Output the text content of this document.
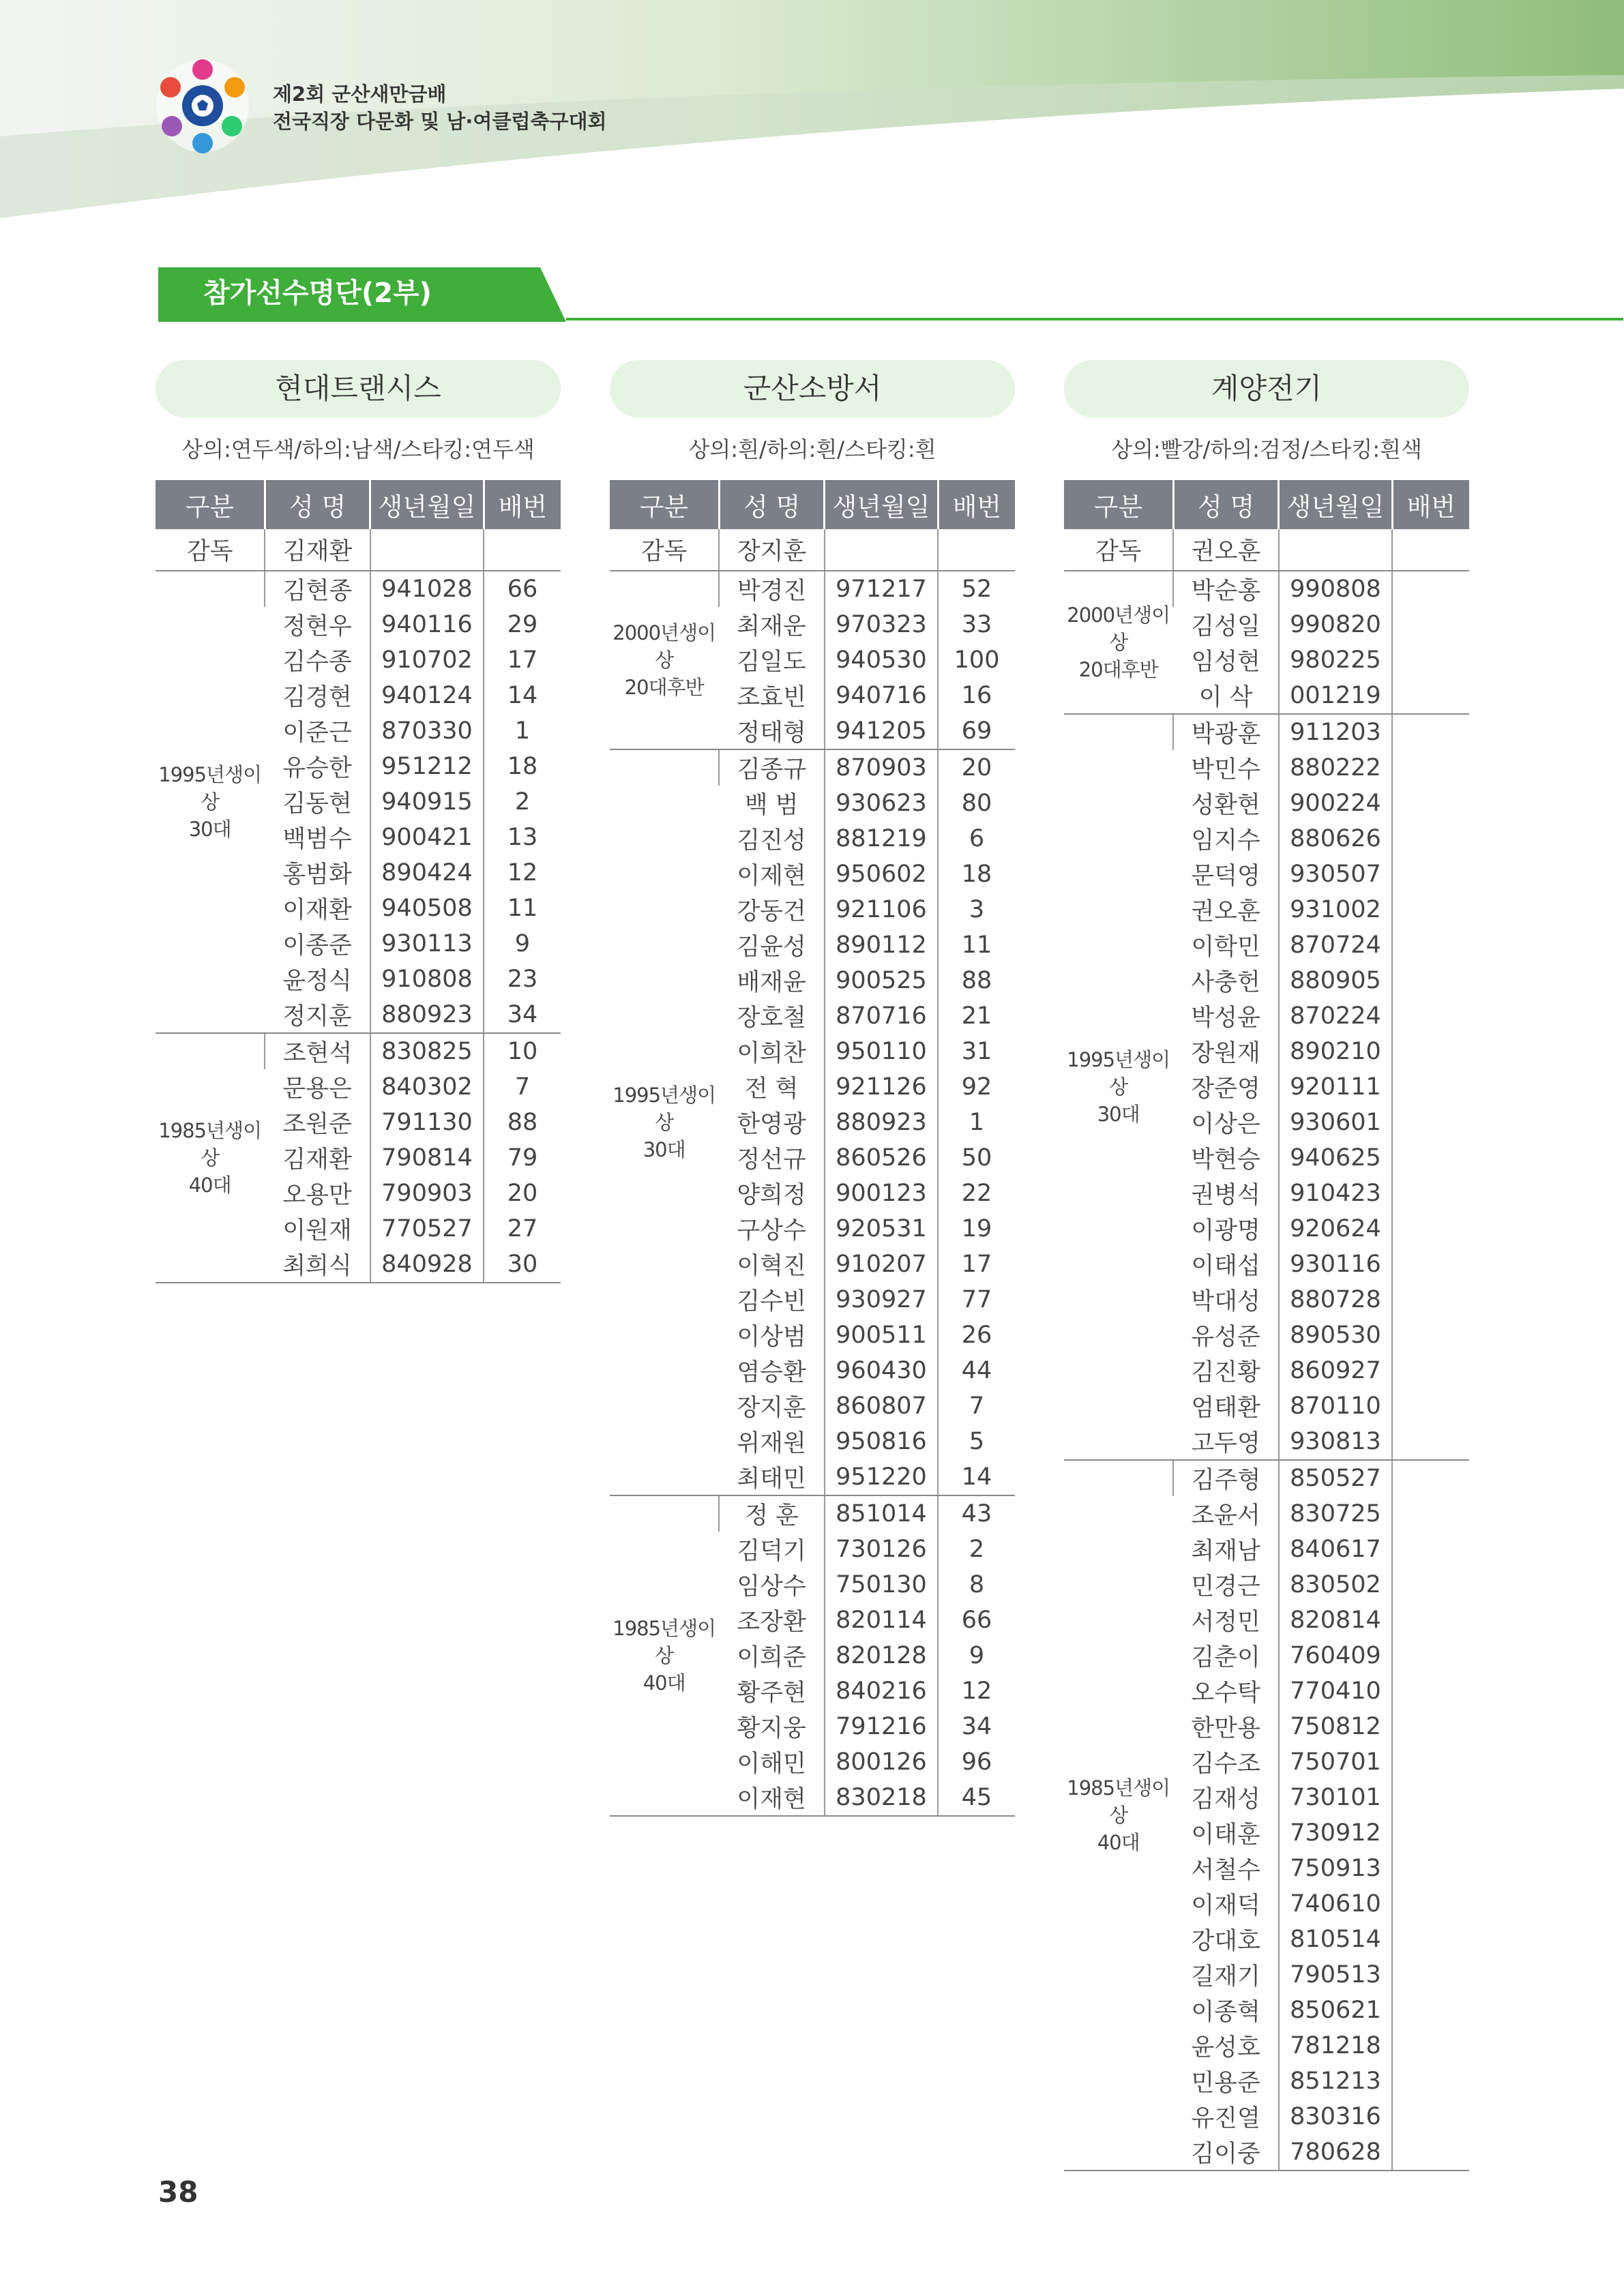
제2회 군산새만금배
전국직장 다문화 및 남·여클럽축구대회
참가선수명단(2부)
현대트랜시스
상의:연두색/하의:남색/스타킹:연두색
구분	성 명	생년월일	배번
감독	김재환		
1995년생이상
30대	김현종	941028	66
	정현우	940116	29
	김수종	910702	17
	김경현	940124	14
	이준근	870330	1
	유승한	951212	18
	김동현	940915	2
	백범수	900421	13
	홍범화	890424	12
	이재환	940508	11
	이종준	930113	9
	윤정식	910808	23
	정지훈	880923	34
1985년생이상
40대	조현석	830825	10
	문용은	840302	7
	조원준	791130	88
	김재환	790814	79
	오용만	790903	20
	이원재	770527	27
	최희식	840928	30
군산소방서
상의:흰/하의:흰/스타킹:흰
구분	성 명	생년월일	배번
감독	장지훈		
2000년생이상
20대후반	박경진	971217	52
	최재운	970323	33
	김일도	940530	100
	조효빈	940716	16
	정태형	941205	69
1995년생이상
30대	김종규	870903	20
	백 범	930623	80
	김진성	881219	6
	이제현	950602	18
	강동건	921106	3
	김윤성	890112	11
	배재윤	900525	88
	장호철	870716	21
	이희찬	950110	31
	전 혁	921126	92
	한영광	880923	1
	정선규	860526	50
	양희정	900123	22
	구상수	920531	19
	이혁진	910207	17
	김수빈	930927	77
	이상범	900511	26
	염승환	960430	44
	장지훈	860807	7
	위재원	950816	5
	최태민	951220	14
1985년생이상
40대	정 훈	851014	43
	김덕기	730126	2
	임상수	750130	8
	조장환	820114	66
	이희준	820128	9
	황주현	840216	12
	황지웅	791216	34
	이해민	800126	96
	이재현	830218	45
계양전기
상의:빨강/하의:검정/스타킹:흰색
구분	성 명	생년월일	배번
감독	권오훈		
2000년생이상
20대후반	박순홍	990808	
	김성일	990820	
	임성현	980225	
	이 삭	001219	
1995년생이상
30대	박광훈	911203	
	박민수	880222	
	성환현	900224	
	임지수	880626	
	문덕영	930507	
	권오훈	931002	
	이학민	870724	
	사충헌	880905	
	박성윤	870224	
	장원재	890210	
	장준영	920111	
	이상은	930601	
	박현승	940625	
	권병석	910423	
	이광명	920624	
	이태섭	930116	
	박대성	880728	
	유성준	890530	
	김진황	860927	
	엄태환	870110	
	고두영	930813	
1985년생이상
40대	김주형	850527	
	조윤서	830725	
	최재남	840617	
	민경근	830502	
	서정민	820814	
	김춘이	760409	
	오수탁	770410	
	한만용	750812	
	김수조	750701	
	김재성	730101	
	이태훈	730912	
	서철수	750913	
	이재덕	740610	
	강대호	810514	
	길재기	790513	
	이종혁	850621	
	윤성호	781218	
	민용준	851213	
	유진열	830316	
	김이중	780628	
38
